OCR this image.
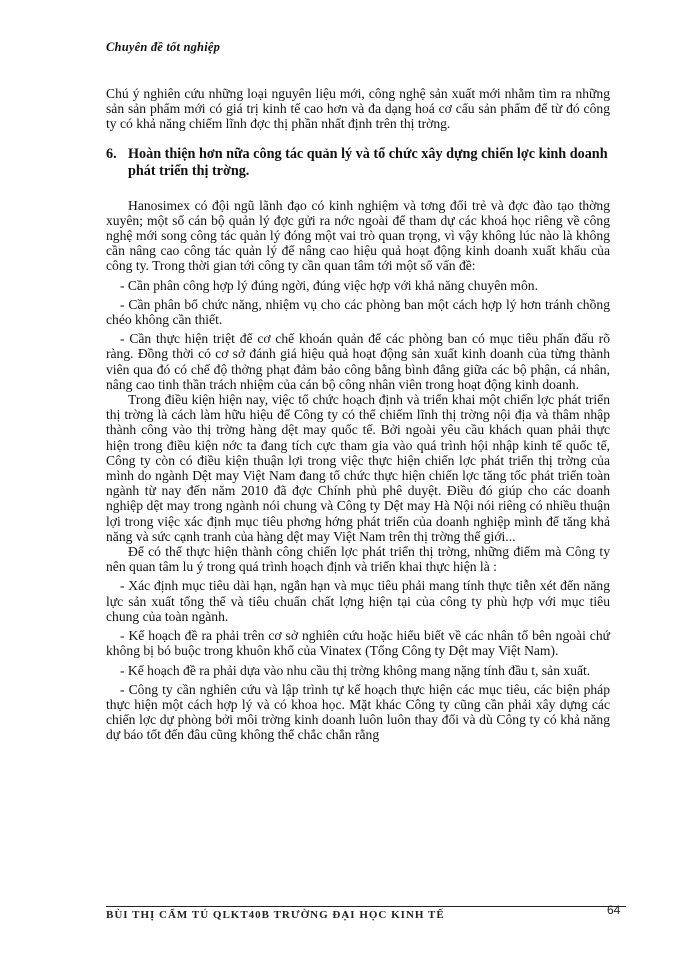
Chuyên đề tốt nghiệp

Chú ý nghiên cứu những loại nguyên liệu mới, công nghệ sản xuất mới nhằm tìm ra những sản sản phẩm mới có giá trị kinh tế cao hơn và đa dạng hoá cơ cấu sản phẩm để từ đó công ty có khả năng chiếm lĩnh đợc thị phần nhất định trên thị trờng.

6. Hoàn thiện hơn nữa công tác quản lý và tổ chức xây dựng chiến lợc kinh doanh phát triển thị trờng.

Hanosimex có đội ngũ lãnh đạo có kinh nghiệm và tơng đối trẻ và đợc đào tạo thờng xuyên; một số cán bộ quản lý đợc gửi ra nớc ngoài để tham dự các khoá học riêng về công nghệ mới song công tác quản lý đóng một vai trò quan trọng, vì vậy không lúc nào là không cần nâng cao công tác quản lý để nâng cao hiệu quả hoạt động kinh doanh xuất khẩu của công ty. Trong thời gian tới công ty cần quan tâm tới một số vấn đề:

- Cần phân công hợp lý đúng ngời, đúng việc hợp với khả năng chuyên môn.

- Cần phân bổ chức năng, nhiệm vụ cho các phòng ban một cách hợp lý hơn tránh chồng chéo không cần thiết.

- Cần thực hiện triệt để cơ chế khoán quản để các phòng ban có mục tiêu phấn đấu rõ ràng. Đồng thời có cơ sở đánh giá hiệu quả hoạt động sản xuất kinh doanh của từng thành viên qua đó có chế độ thởng phạt đảm bảo công bằng bình đẳng giữa các bộ phận, cá nhân, nâng cao tinh thần trách nhiệm của cán bộ công nhân viên trong hoạt động kinh doanh.

Trong điều kiện hiện nay, việc tổ chức hoạch định và triển khai một chiến lợc phát triển thị trờng là cách làm hữu hiệu để Công ty có thể chiếm lĩnh thị trờng nội địa và thâm nhập thành công vào thị trờng hàng dệt may quốc tế. Bởi ngoài yêu cầu khách quan phải thực hiện trong điều kiện nớc ta đang tích cực tham gia vào quá trình hội nhập kinh tế quốc tế, Công ty còn có điều kiện thuận lợi trong việc thực hiện chiến lợc phát triển thị trờng của mình do ngành Dệt may Việt Nam đang tổ chức thực hiện chiến lợc tăng tốc phát triển toàn ngành từ nay đến năm 2010 đã đợc Chính phủ phê duyệt. Điều đó giúp cho các doanh nghiệp dệt may trong ngành nói chung và Công ty Dệt may Hà Nội nói riêng có nhiều thuận lợi trong việc xác định mục tiêu phơng hớng phát triển của doanh nghiệp mình để tăng khả năng và sức cạnh tranh của hàng dệt may Việt Nam trên thị trờng thế giới...

Để có thể thực hiện thành công chiến lợc phát triển thị trờng, những điểm mà Công ty nên quan tâm lu ý trong quá trình hoạch định và triển khai thực hiện là :

- Xác định mục tiêu dài hạn, ngắn hạn và mục tiêu phải mang tính thực tiễn xét đến năng lực sản xuất tổng thể và tiêu chuẩn chất lợng hiện tại của công ty phù hợp với mục tiêu chung của toàn ngành.

- Kế hoạch đề ra phải trên cơ sở nghiên cứu hoặc hiểu biết về các nhân tố bên ngoài chứ không bị bó buộc trong khuôn khổ của Vinatex (Tổng Công ty Dệt may Việt Nam).

- Kế hoạch đề ra phải dựa vào nhu cầu thị trờng không mang nặng tính đầu t, sản xuất.

- Công ty cần nghiên cứu và lập trình tự kế hoạch thực hiện các mục tiêu, các biện pháp thực hiện một cách hợp lý và có khoa học. Mặt khác Công ty cũng cần phải xây dựng các chiến lợc dự phòng bởi môi trờng kinh doanh luôn luôn thay đổi và dù Công ty có khả năng dự báo tốt đến đâu cũng không thể chắc chắn rằng

BÙI THỊ CẨM TÚ QLKT40B TRƯỜNG ĐẠI HỌC KINH TẾ	64
